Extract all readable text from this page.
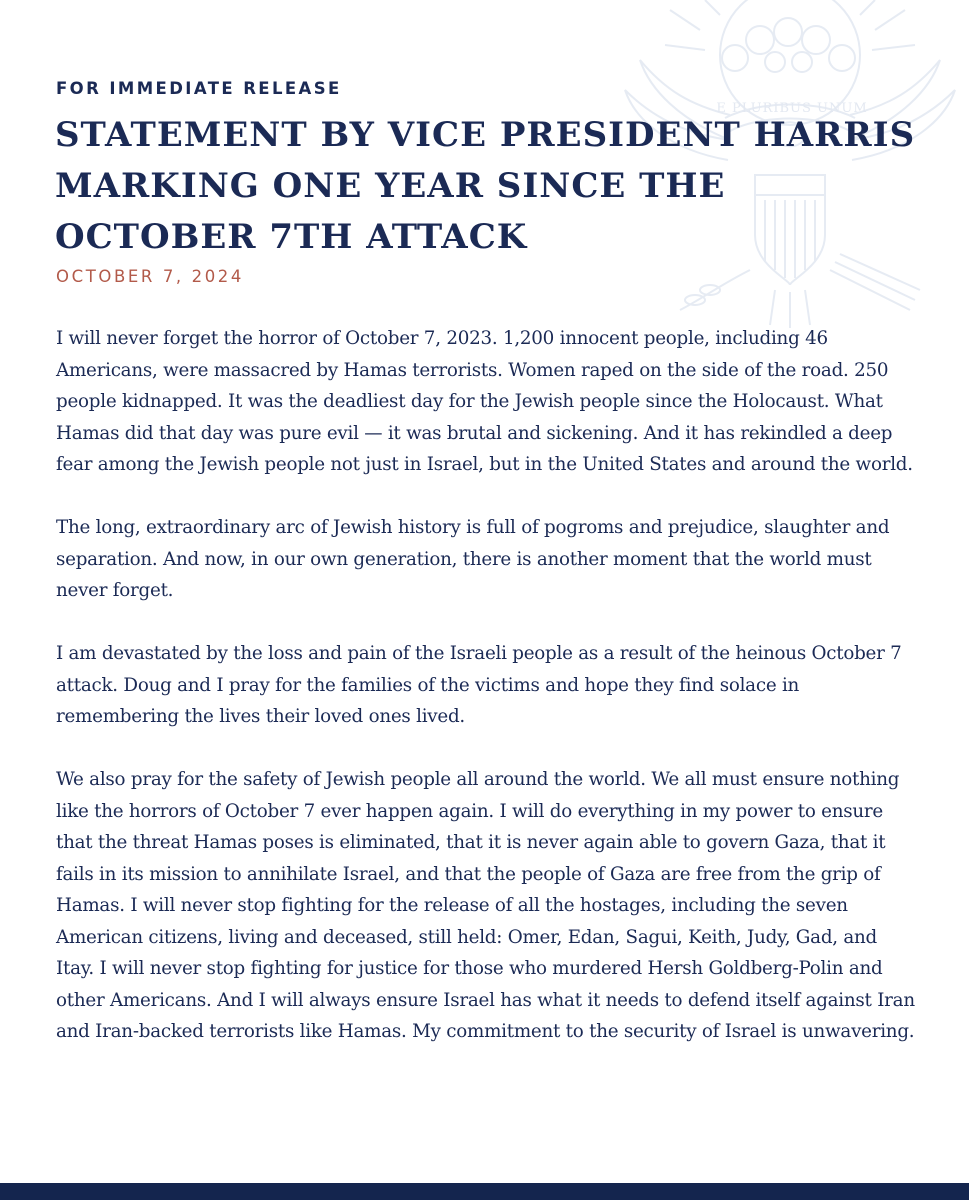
E PLURIBUS UNUM
FOR IMMEDIATE RELEASE
STATEMENT BY VICE PRESIDENT HARRIS MARKING ONE YEAR SINCE THE OCTOBER 7TH ATTACK
OCTOBER 7, 2024

I will never forget the horror of October 7, 2023. 1,200 innocent people, including 46 Americans, were massacred by Hamas terrorists. Women raped on the side of the road. 250 people kidnapped. It was the deadliest day for the Jewish people since the Holocaust. What Hamas did that day was pure evil — it was brutal and sickening. And it has rekindled a deep fear among the Jewish people not just in Israel, but in the United States and around the world.

The long, extraordinary arc of Jewish history is full of pogroms and prejudice, slaughter and separation. And now, in our own generation, there is another moment that the world must never forget.

I am devastated by the loss and pain of the Israeli people as a result of the heinous October 7 attack. Doug and I pray for the families of the victims and hope they find solace in remembering the lives their loved ones lived.

We also pray for the safety of Jewish people all around the world. We all must ensure nothing like the horrors of October 7 ever happen again. I will do everything in my power to ensure that the threat Hamas poses is eliminated, that it is never again able to govern Gaza, that it fails in its mission to annihilate Israel, and that the people of Gaza are free from the grip of Hamas. I will never stop fighting for the release of all the hostages, including the seven American citizens, living and deceased, still held: Omer, Edan, Sagui, Keith, Judy, Gad, and Itay. I will never stop fighting for justice for those who murdered Hersh Goldberg-Polin and other Americans. And I will always ensure Israel has what it needs to defend itself against Iran and Iran-backed terrorists like Hamas. My commitment to the security of Israel is unwavering.
